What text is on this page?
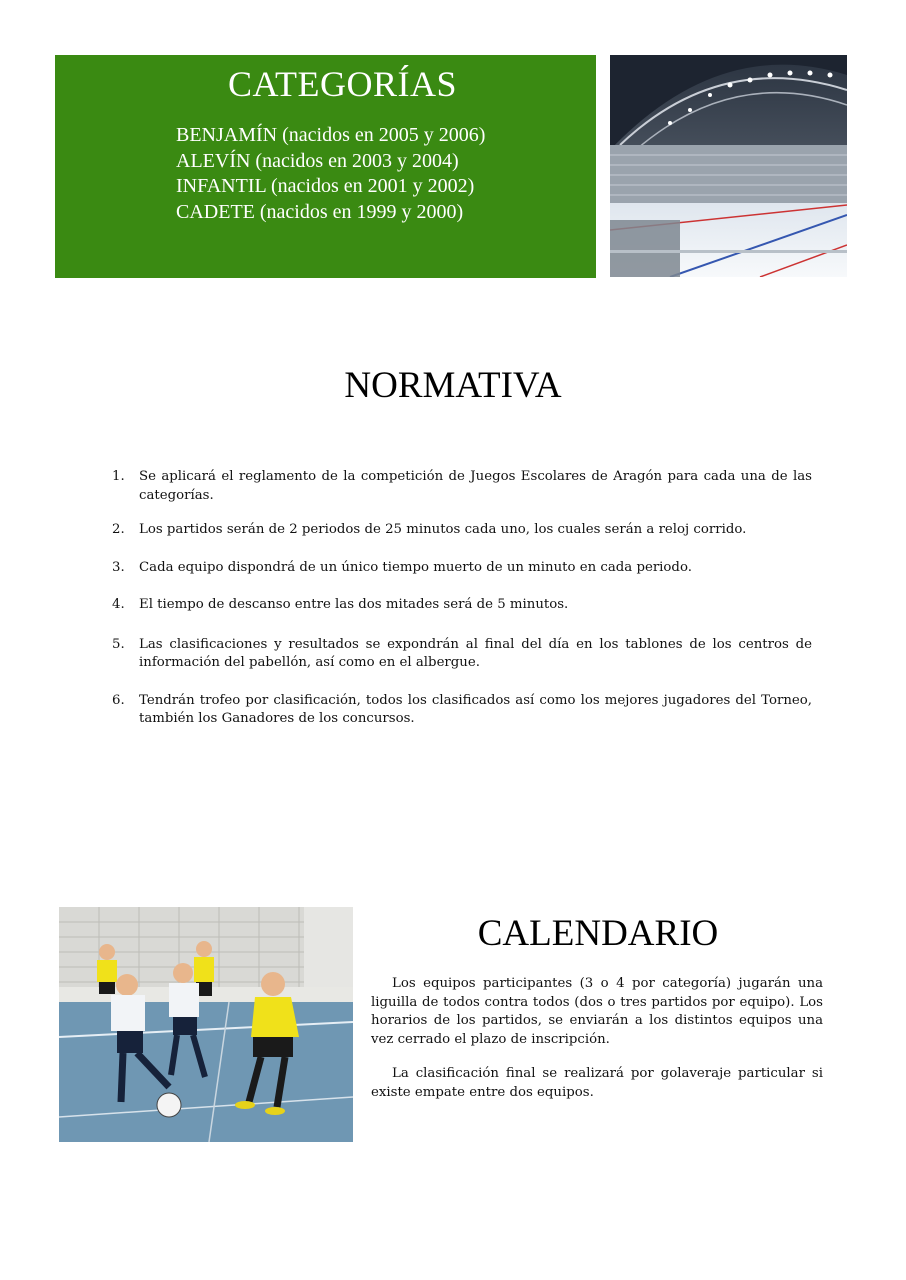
CATEGORÍAS
BENJAMÍN (nacidos en 2005 y 2006)
ALEVÍN (nacidos en 2003 y 2004)
INFANTIL (nacidos en 2001 y 2002)
CADETE (nacidos en 1999 y 2000)
NORMATIVA
1. Se aplicará el reglamento de la competición de Juegos Escolares de Aragón para cada una de las categorías.
2. Los partidos serán de 2 periodos de 25 minutos cada uno, los cuales serán a reloj corrido.
3. Cada equipo dispondrá de un único tiempo muerto de un minuto en cada periodo.
4. El tiempo de descanso entre las dos mitades será de 5 minutos.
5. Las clasificaciones y resultados se expondrán al final del día en los tablones de los centros de información del pabellón, así como en el albergue.
6. Tendrán trofeo por clasificación, todos los clasificados así como los mejores jugadores del Torneo, también los Ganadores de los concursos.
CALENDARIO

Los equipos participantes (3 o 4 por categoría) jugarán una liguilla de todos contra todos (dos o tres partidos por equipo). Los horarios de los partidos, se enviarán a los distintos equipos una vez cerrado el plazo de inscripción.

La clasificación final se realizará por golaveraje particular si existe empate entre dos equipos.
